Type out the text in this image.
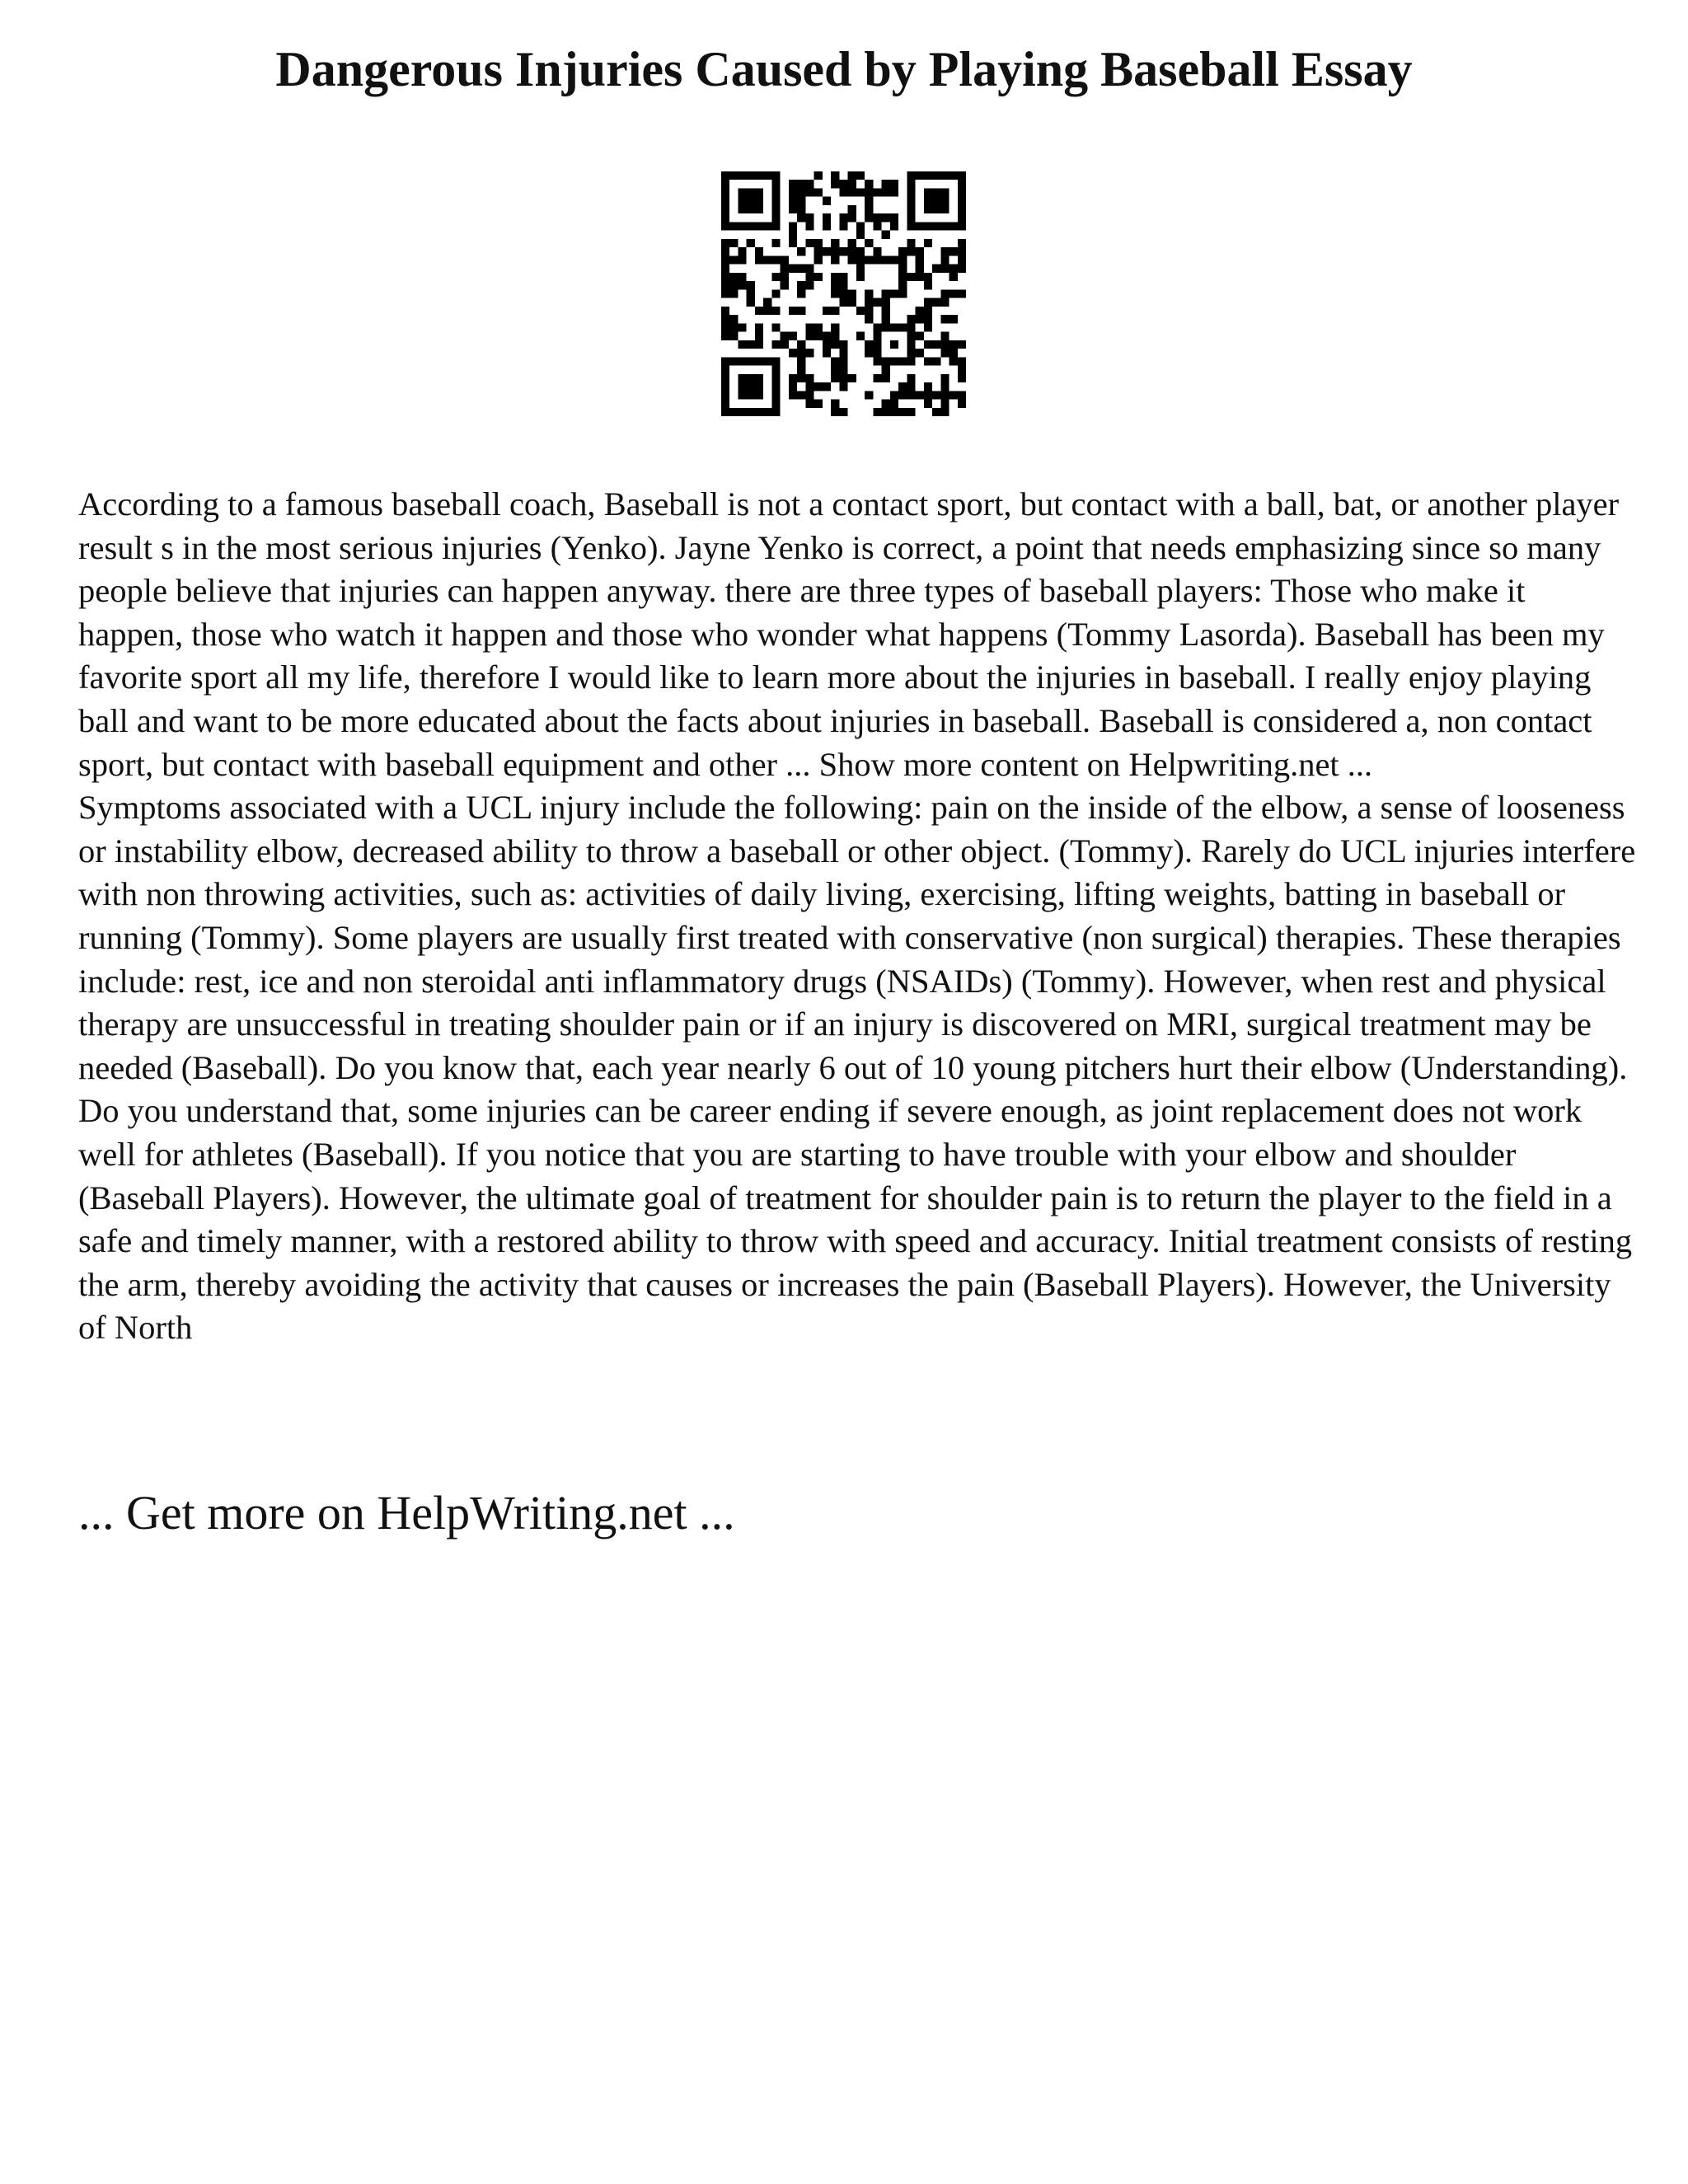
Dangerous Injuries Caused by Playing Baseball Essay

According to a famous baseball coach, Baseball is not a contact sport, but contact with a ball, bat, or another player result s in the most serious injuries (Yenko). Jayne Yenko is correct, a point that needs emphasizing since so many people believe that injuries can happen anyway. there are three types of baseball players: Those who make it happen, those who watch it happen and those who wonder what happens (Tommy Lasorda). Baseball has been my favorite sport all my life, therefore I would like to learn more about the injuries in baseball. I really enjoy playing ball and want to be more educated about the facts about injuries in baseball. Baseball is considered a, non contact sport, but contact with baseball equipment and other ... Show more content on Helpwriting.net ...

Symptoms associated with a UCL injury include the following: pain on the inside of the elbow, a sense of looseness or instability elbow, decreased ability to throw a baseball or other object. (Tommy). Rarely do UCL injuries interfere with non throwing activities, such as: activities of daily living, exercising, lifting weights, batting in baseball or running (Tommy). Some players are usually first treated with conservative (non surgical) therapies. These therapies include: rest, ice and non steroidal anti inflammatory drugs (NSAIDs) (Tommy). However, when rest and physical therapy are unsuccessful in treating shoulder pain or if an injury is discovered on MRI, surgical treatment may be needed (Baseball). Do you know that, each year nearly 6 out of 10 young pitchers hurt their elbow (Understanding). Do you understand that, some injuries can be career ending if severe enough, as joint replacement does not work well for athletes (Baseball). If you notice that you are starting to have trouble with your elbow and shoulder (Baseball Players). However, the ultimate goal of treatment for shoulder pain is to return the player to the field in a safe and timely manner, with a restored ability to throw with speed and accuracy. Initial treatment consists of resting the arm, thereby avoiding the activity that causes or increases the pain (Baseball Players). However, the University of North

... Get more on HelpWriting.net ...
